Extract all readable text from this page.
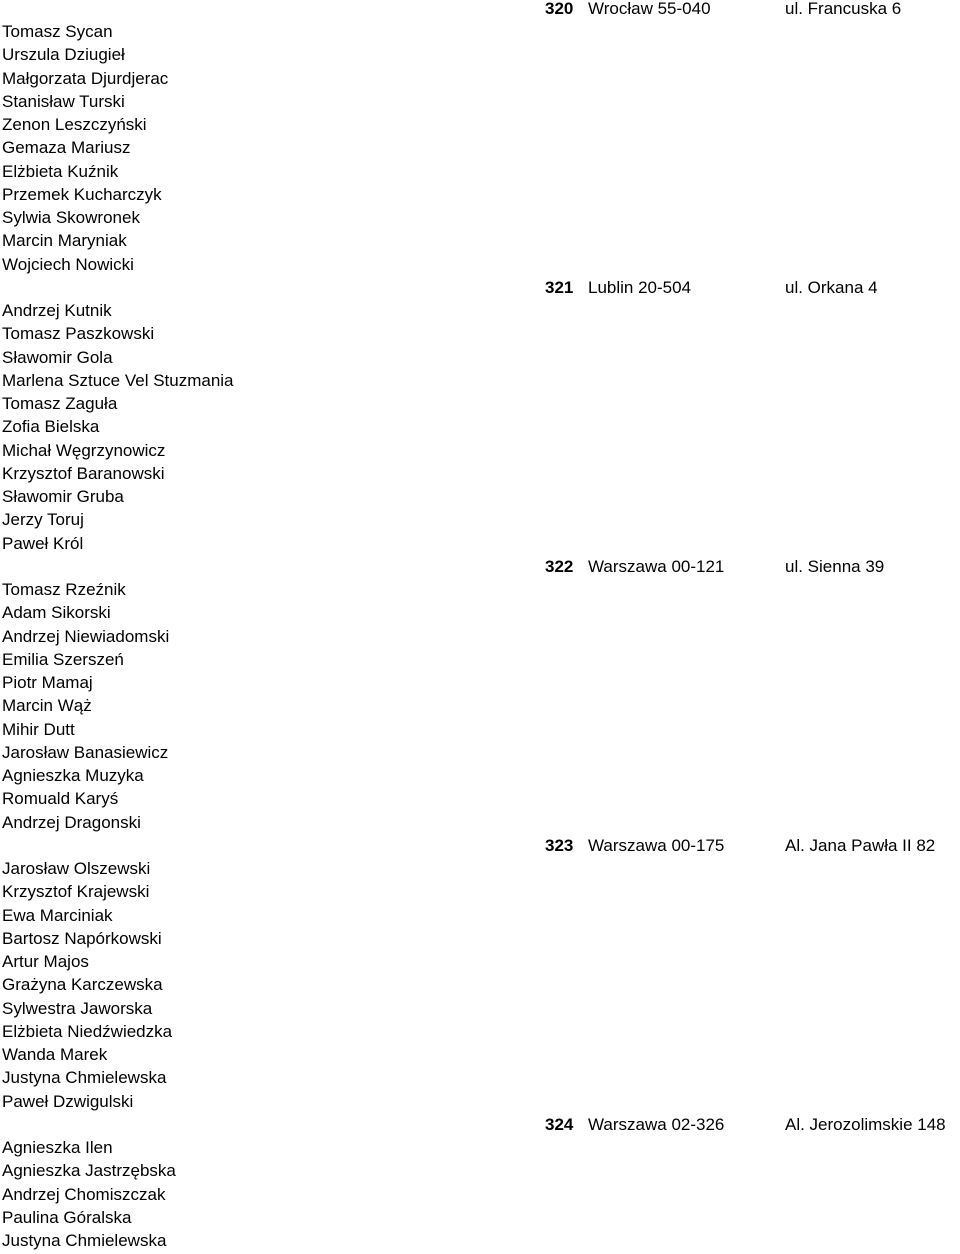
320 Wrocław 55-040	ul. Francuska 6
Tomasz Sycan
Urszula Dziugieł
Małgorzata Djurdjerac
Stanisław Turski
Zenon Leszczyński
Gemaza Mariusz
Elżbieta Kuźnik
Przemek Kucharczyk
Sylwia Skowronek
Marcin Maryniak
Wojciech Nowicki
321 Lublin 20-504	ul. Orkana 4
Andrzej Kutnik
Tomasz Paszkowski
Sławomir Gola
Marlena Sztuce Vel Stuzmania
Tomasz Zaguła
Zofia Bielska
Michał Węgrzynowicz
Krzysztof Baranowski
Sławomir Gruba
Jerzy Toruj
Paweł Król
322 Warszawa 00-121	ul. Sienna 39
Tomasz Rzeźnik
Adam Sikorski
Andrzej Niewiadomski
Emilia Szerszeń
Piotr Mamaj
Marcin Wąż
Mihir Dutt
Jarosław Banasiewicz
Agnieszka Muzyka
Romuald Karyś
Andrzej Dragonski
323 Warszawa 00-175	Al. Jana Pawła II 82
Jarosław Olszewski
Krzysztof Krajewski
Ewa Marciniak
Bartosz Napórkowski
Artur Majos
Grażyna Karczewska
Sylwestra Jaworska
Elżbieta Niedźwiedzka
Wanda Marek
Justyna Chmielewska
Paweł Dzwigulski
324 Warszawa 02-326	Al. Jerozolimskie 148
Agnieszka Ilen
Agnieszka Jastrzębska
Andrzej Chomiszczak
Paulina Góralska
Justyna Chmielewska
